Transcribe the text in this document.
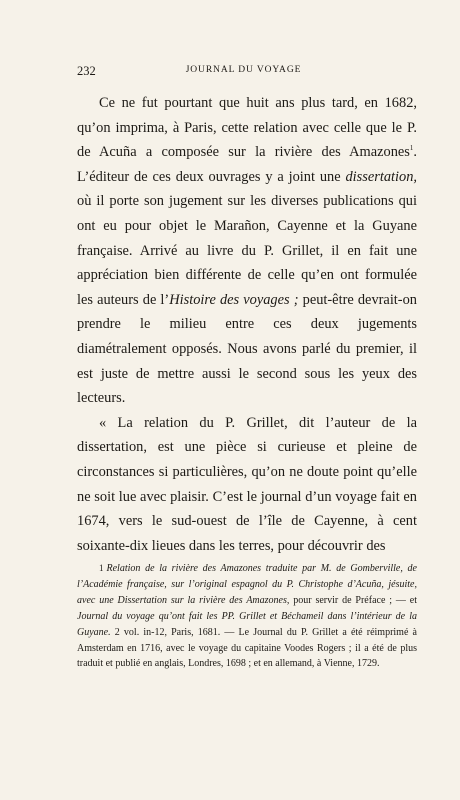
232	JOURNAL DU VOYAGE

Ce ne fut pourtant que huit ans plus tard, en 1682, qu’on imprima, à Paris, cette relation avec celle que le P. de Acuña a composée sur la rivière des Amazones$^1$. L’éditeur de ces deux ouvrages y a joint une dissertation, où il porte son jugement sur les diverses publications qui ont eu pour objet le Marañon, Cayenne et la Guyane française. Arrivé au livre du P. Grillet, il en fait une appréciation bien différente de celle qu’en ont formulée les auteurs de l’Histoire des voyages ; peut-être devrait-on prendre le milieu entre ces deux jugements diamétralement opposés. Nous avons parlé du premier, il est juste de mettre aussi le second sous les yeux des lecteurs.

« La relation du P. Grillet, dit l’auteur de la dissertation, est une pièce si curieuse et pleine de circonstances si particulières, qu’on ne doute point qu’elle ne soit lue avec plaisir. C’est le journal d’un voyage fait en 1674, vers le sud-ouest de l’île de Cayenne, à cent soixante-dix lieues dans les terres, pour découvrir des

1 Relation de la rivière des Amazones traduite par M. de Gomberville, de l’Académie française, sur l’original espagnol du P. Christophe d’Acuña, jésuite, avec une Dissertation sur la rivière des Amazones, pour servir de Préface ; — et Journal du voyage qu’ont fait les PP. Grillet et Béchameil dans l’intérieur de la Guyane. 2 vol. in-12, Paris, 1681. — Le Journal du P. Grillet a été réimprimé à Amsterdam en 1716, avec le voyage du capitaine Voodes Rogers ; il a été de plus traduit et publié en anglais, Londres, 1698 ; et en allemand, à Vienne, 1729.
